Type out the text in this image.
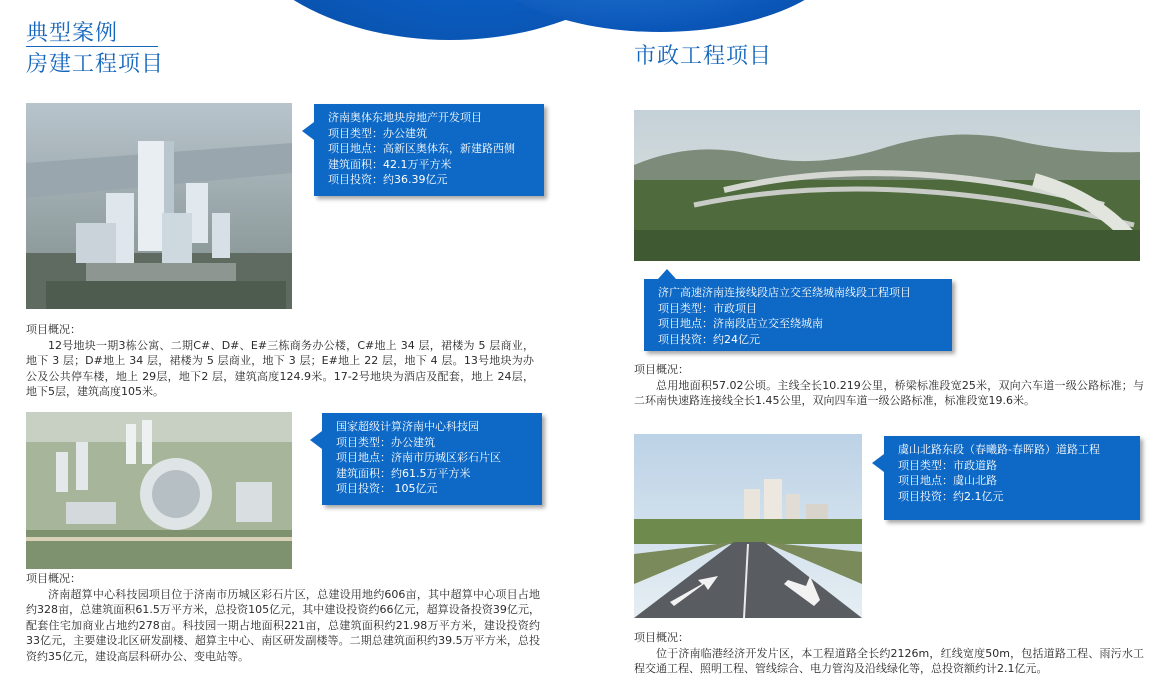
典型案例
房建工程项目	市政工程项目
济南奥体东地块房地产开发项目
项目类型：办公建筑
项目地点：高新区奥体东，新建路西侧
建筑面积：42.1万平方米
项目投资：约36.39亿元
项目概况：
12号地块一期3栋公寓、二期C#、D#、E#三栋商务办公楼，C#地上 34 层，裙楼为 5 层商业， 地下 3 层；D#地上 34 层，裙楼为 5 层商业，地下 3 层；E#地上 22 层，地下 4 层。13号地块为办公及公共停车楼，地上 29层，地下2 层，建筑高度124.9米。17-2号地块为酒店及配套，地上 24层，地下5层，建筑高度105米。
国家超级计算济南中心科技园
项目类型：办公建筑
项目地点：济南市历城区彩石片区
建筑面积：约61.5万平方米
项目投资： 105亿元
项目概况：
济南超算中心科技园项目位于济南市历城区彩石片区，总建设用地约606亩，其中超算中心项目占地约328亩，总建筑面积61.5万平方米，总投资105亿元，其中建设投资约66亿元，超算设备投资39亿元，配套住宅加商业占地约278亩。科技园一期占地面积221亩，总建筑面积约21.98万平方米，建设投资约33亿元，主要建设北区研发副楼、超算主中心、南区研发副楼等。二期总建筑面积约39.5万平方米，总投资约35亿元，建设高层科研办公、变电站等。
济广高速济南连接线段店立交至绕城南线段工程项目
项目类型：市政项目
项目地点：济南段店立交至绕城南
项目投资：约24亿元
项目概况：
总用地面积57.02公顷。主线全长10.219公里，桥梁标准段宽25米，双向六车道一级公路标准；与二环南快速路连接线全长1.45公里，双向四车道一级公路标准，标准段宽19.6米。
虞山北路东段（春曦路-春晖路）道路工程
项目类型：市政道路
项目地点：虞山北路
项目投资：约2.1亿元
项目概况：
位于济南临港经济开发片区，本工程道路全长约2126m，红线宽度50m，包括道路工程、雨污水工程交通工程、照明工程、管线综合、电力管沟及沿线绿化等，总投资额约计2.1亿元。
